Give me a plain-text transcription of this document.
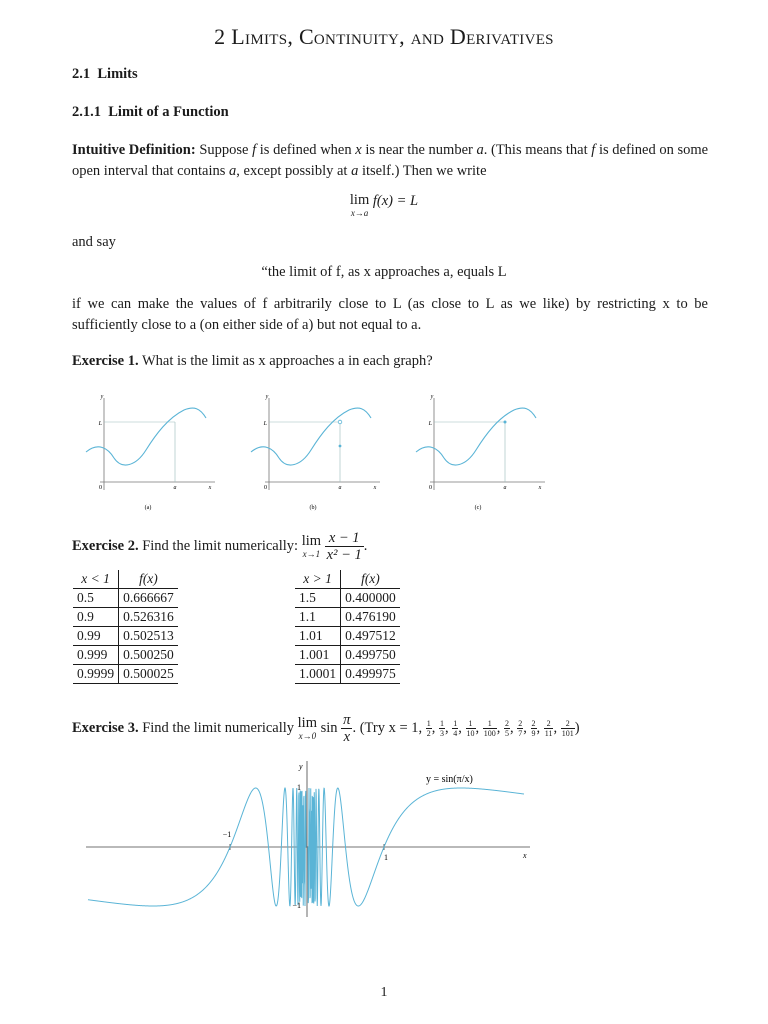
2 Limits, Continuity, and Derivatives
2.1 Limits
2.1.1 Limit of a Function
Intuitive Definition: Suppose f is defined when x is near the number a. (This means that f is defined on some open interval that contains a, except possibly at a itself.) Then we write
lim
x→a
f(x) = L
and say
“the limit of f, as x approaches a, equals L
if we can make the values of f arbitrarily close to L (as close to L as we like) by restricting x to be sufficiently close to a (on either side of a) but not equal to a.
Exercise 1. What is the limit as x approaches a in each graph?
y
L
0	a	x
(a)
y
L
0	a	x
(b)
y
L
0	a	x
(c)
Exercise 2. Find the limit numerically: lim
x→1
$\frac{x - 1}{\text{x² − 1}}$ .
x < 1	f(x)
0.5	0.666667
0.9	0.526316
0.99	0.502513
0.999	0.500250
0.9999	0.500025
x > 1	f(x)
1.5	0.400000
1.1	0.476190
1.01	0.497512
1.001	0.499750
1.0001	0.499975
Exercise 3. Find the limit numerically lim
x→0 $\sin \frac{\pi}{x}$ . (Try x = 1, $\frac{1}{2}$ , $\frac{1}{3}$ , $\frac{1}{4}$ , $\frac{1}{10}$ , $\frac{1}{100}$ , $\frac{2}{5}$ , $\frac{2}{7}$ , $\frac{2}{9}$ , $\frac{2}{11}$ , $\frac{2}{101}$ )
y
x
1
−1
−1
1
y = sin(π/x)
1
